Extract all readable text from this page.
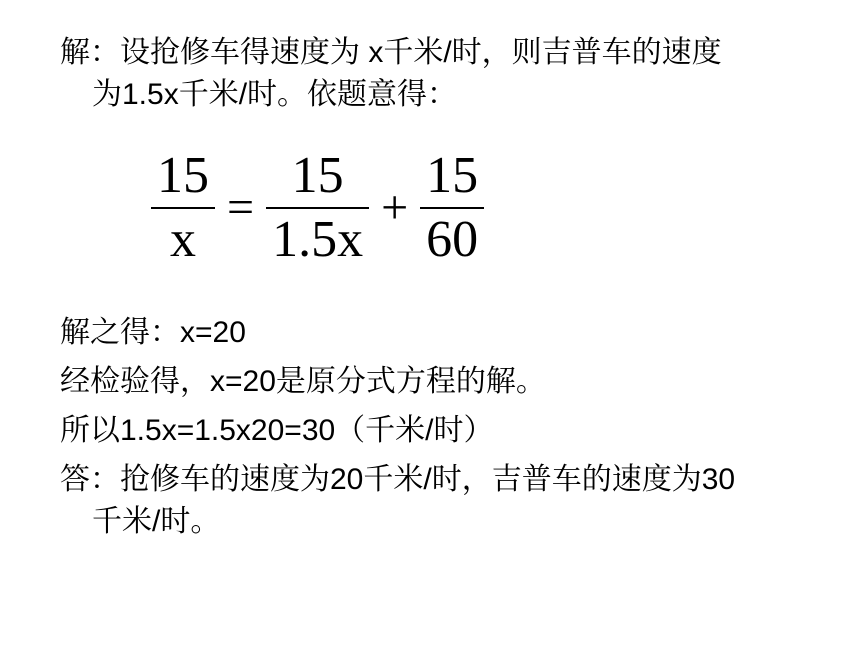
解：设抢修车得速度为 x千米/时，则吉普车的速度
为1.5x千米/时。依题意得：
$\frac{15}{x} = \frac{15}{1.5x} + \frac{15}{60}$
解之得：x=20
经检验得，x=20是原分式方程的解。
所以1.5x=1.5x20=30（千米/时）
答：抢修车的速度为20千米/时，吉普车的速度为30
千米/时。
